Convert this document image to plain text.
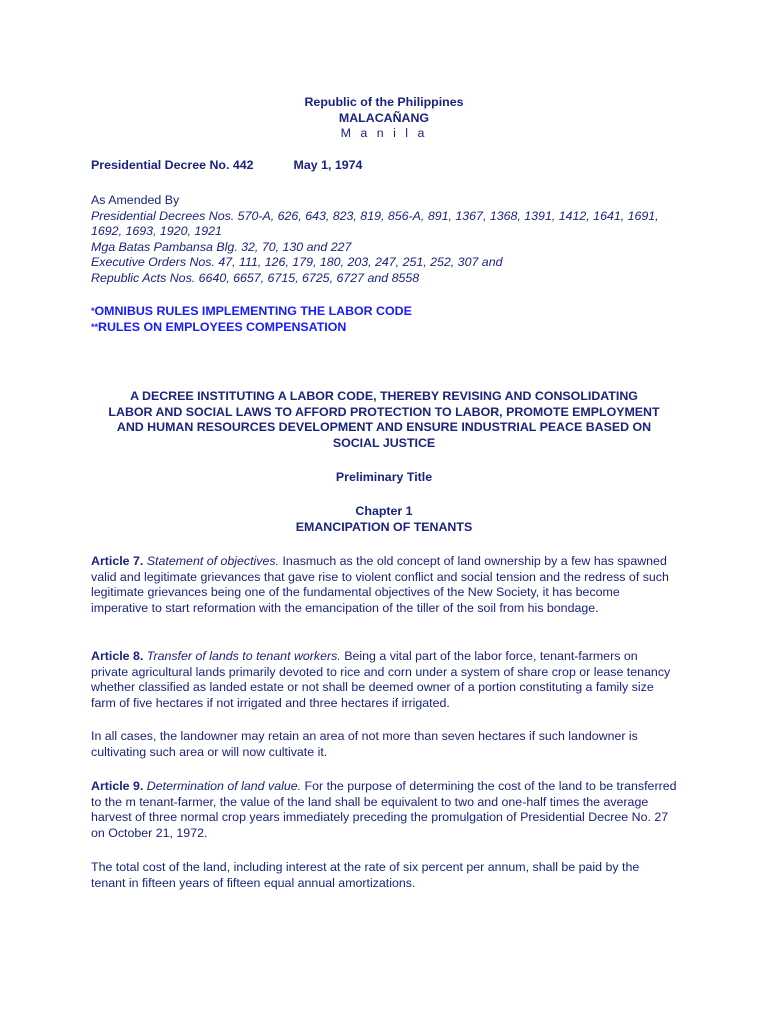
Republic of the Philippines

MALACAÑANG

M a n i l a
Presidential Decree No. 442	May 1, 1974

As Amended By

Presidential Decrees Nos. 570-A, 626, 643, 823, 819, 856-A, 891, 1367, 1368, 1391, 1412, 1641, 1691, 1692, 1693, 1920, 1921

Mga Batas Pambansa Blg. 32, 70, 130 and 227

Executive Orders Nos. 47, 111, 126, 179, 180, 203, 247, 251, 252, 307 and

Republic Acts Nos. 6640, 6657, 6715, 6725, 6727 and 8558

*OMNIBUS RULES IMPLEMENTING THE LABOR CODE
**RULES ON EMPLOYEES COMPENSATION

A DECREE INSTITUTING A LABOR CODE, THEREBY REVISING AND CONSOLIDATING LABOR AND SOCIAL LAWS TO AFFORD PROTECTION TO LABOR, PROMOTE EMPLOYMENT AND HUMAN RESOURCES DEVELOPMENT AND ENSURE INDUSTRIAL PEACE BASED ON SOCIAL JUSTICE

Preliminary Title

Chapter 1

EMANCIPATION OF TENANTS

Article 7. Statement of objectives. Inasmuch as the old concept of land ownership by a few has spawned valid and legitimate grievances that gave rise to violent conflict and social tension and the redress of such legitimate grievances being one of the fundamental objectives of the New Society, it has become imperative to start reformation with the emancipation of the tiller of the soil from his bondage.

Article 8. Transfer of lands to tenant workers. Being a vital part of the labor force, tenant-farmers on private agricultural lands primarily devoted to rice and corn under a system of share crop or lease tenancy whether classified as landed estate or not shall be deemed owner of a portion constituting a family size farm of five hectares if not irrigated and three hectares if irrigated.

In all cases, the landowner may retain an area of not more than seven hectares if such landowner is cultivating such area or will now cultivate it.

Article 9. Determination of land value. For the purpose of determining the cost of the land to be transferred to the m tenant-farmer, the value of the land shall be equivalent to two and one-half times the average harvest of three normal crop years immediately preceding the promulgation of Presidential Decree No. 27 on October 21, 1972.

The total cost of the land, including interest at the rate of six percent per annum, shall be paid by the tenant in fifteen years of fifteen equal annual amortizations.
